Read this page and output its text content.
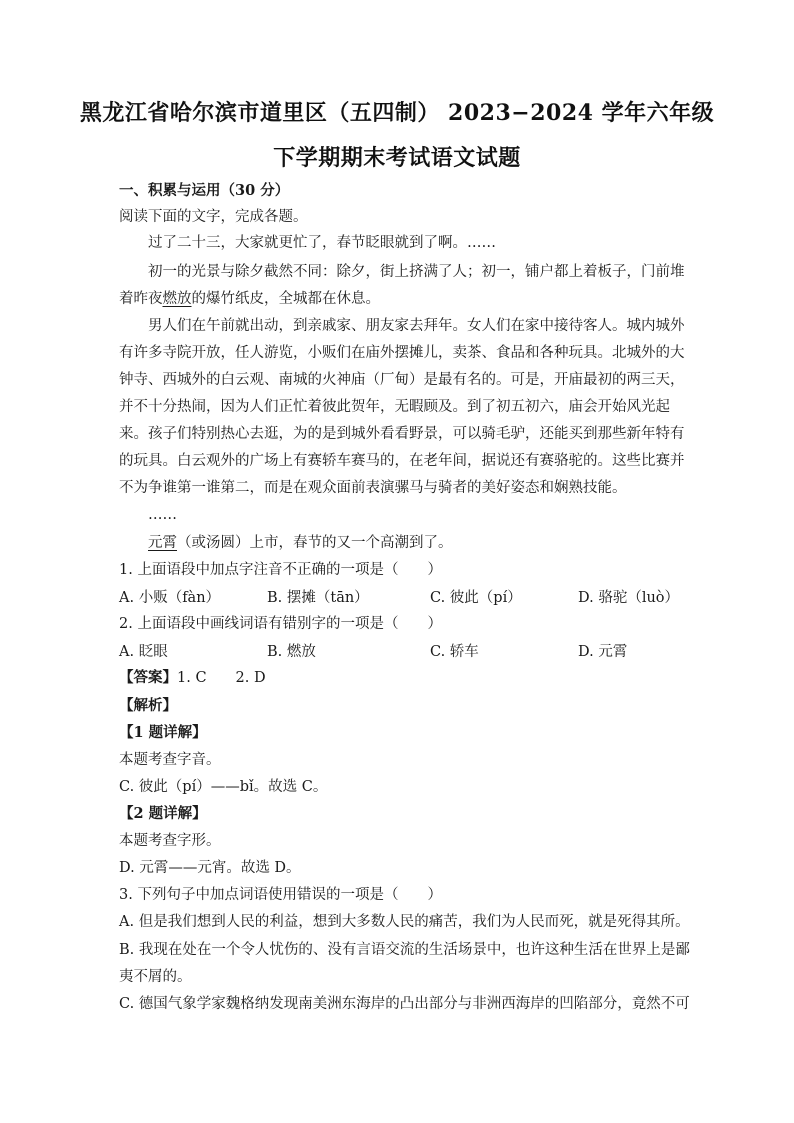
黑龙江省哈尔滨市道里区（五四制） 2023−2024 学年六年级
下学期期末考试语文试题
一、积累与运用（30 分）
阅读下面的文字，完成各题。
过了二十三，大家就更忙了，春节眨眼就到了啊。……
初一的光景与除夕截然不同：除夕，街上挤满了人；初一，铺户都上着板子，门前堆
着昨夜燃放的爆竹纸皮，全城都在休息。
男人们在午前就出动，到亲戚家、朋友家去拜年。女人们在家中接待客人。城内城外
有许多寺院开放，任人游览，小贩们在庙外摆摊儿，卖茶、食品和各种玩具。北城外的大
钟寺、西城外的白云观、南城的火神庙（厂甸）是最有名的。可是，开庙最初的两三天，
并不十分热闹，因为人们正忙着彼此贺年，无暇顾及。到了初五初六，庙会开始风光起
来。孩子们特别热心去逛，为的是到城外看看野景，可以骑毛驴，还能买到那些新年特有
的玩具。白云观外的广场上有赛轿车赛马的，在老年间，据说还有赛骆驼的。这些比赛并
不为争谁第一谁第二，而是在观众面前表演骡马与骑者的美好姿态和娴熟技能。
……
元霄（或汤圆）上市，春节的又一个高潮到了。
1. 上面语段中加点字注音不正确的一项是（　　）
A. 小贩（fàn）	B. 摆摊（tān）	C. 彼此（pí）	D. 骆驼（luò）
2. 上面语段中画线词语有错别字的一项是（　　）
A. 眨眼	B. 燃放	C. 轿车	D. 元霄
【答案】1. C　　2. D
【解析】
【1 题详解】
本题考查字音。
C. 彼此（pí）——bǐ。故选 C。
【2 题详解】
本题考查字形。
D. 元霄——元宵。故选 D。
3. 下列句子中加点词语使用错误的一项是（　　）
A. 但是我们想到人民的利益，想到大多数人民的痛苦，我们为人民而死，就是死得其所。
B. 我现在处在一个令人忧伤的、没有言语交流的生活场景中，也许这种生活在世界上是鄙
夷不屑的。
C. 德国气象学家魏格纳发现南美洲东海岸的凸出部分与非洲西海岸的凹陷部分，竟然不可
